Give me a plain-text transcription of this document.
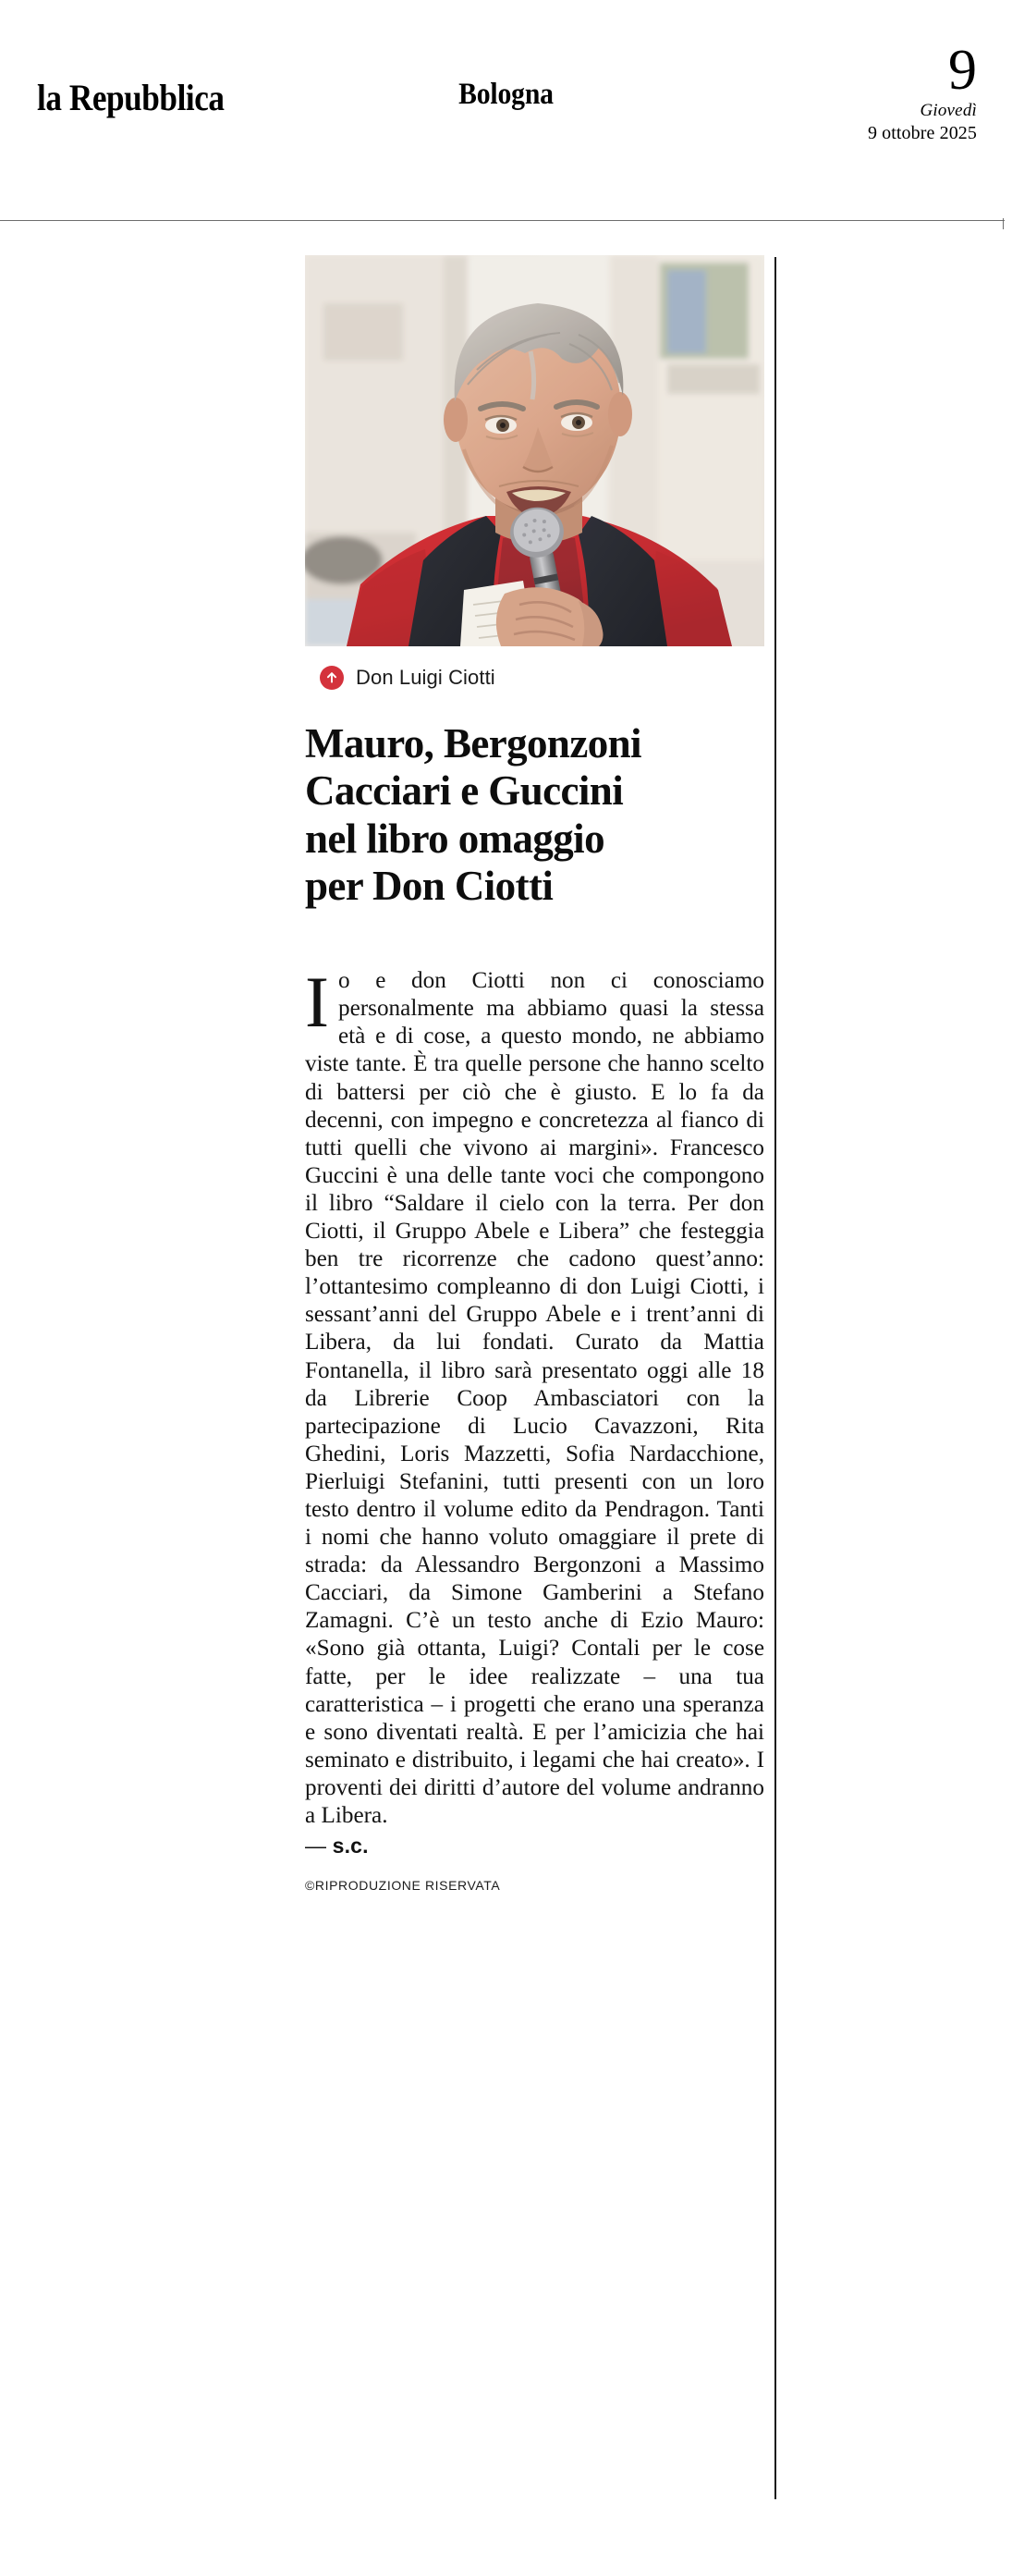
la Repubblica	Bologna	9
Giovedì
9 ottobre 2025
Don Luigi Ciotti
Mauro, Bergonzoni
Cacciari e Guccini
nel libro omaggio
per Don Ciotti

Io e don Ciotti non ci conosciamo personalmente ma abbiamo quasi la stessa età e di cose, a questo mondo, ne abbiamo viste tante. È tra quelle persone che hanno scelto di battersi per ciò che è giusto. E lo fa da decenni, con impegno e concretezza al fianco di tutti quelli che vivono ai margini». Francesco Guccini è una delle tante voci che compongono il libro “Saldare il cielo con la terra. Per don Ciotti, il Gruppo Abele e Libera” che festeggia ben tre ricorrenze che cadono quest’anno: l’ottantesimo compleanno di don Luigi Ciotti, i sessant’anni del Gruppo Abele e i trent’anni di Libera, da lui fondati. Curato da Mattia Fontanella, il libro sarà presentato oggi alle 18 da Librerie Coop Ambasciatori con la partecipazione di Lucio Cavazzoni, Rita Ghedini, Loris Mazzetti, Sofia Nardacchione, Pierluigi Stefanini, tutti presenti con un loro testo dentro il volume edito da Pendragon. Tanti i nomi che hanno voluto omaggiare il prete di strada: da Alessandro Bergonzoni a Massimo Cacciari, da Simone Gamberini a Stefano Zamagni. C’è un testo anche di Ezio Mauro: «Sono già ottanta, Luigi? Contali per le cose fatte, per le idee realizzate – una tua caratteristica – i progetti che erano una speranza e sono diventati realtà. E per l’amicizia che hai seminato e distribuito, i legami che hai creato». I proventi dei diritti d’autore del volume andranno a Libera.

— s.c.
©RIPRODUZIONE RISERVATA
